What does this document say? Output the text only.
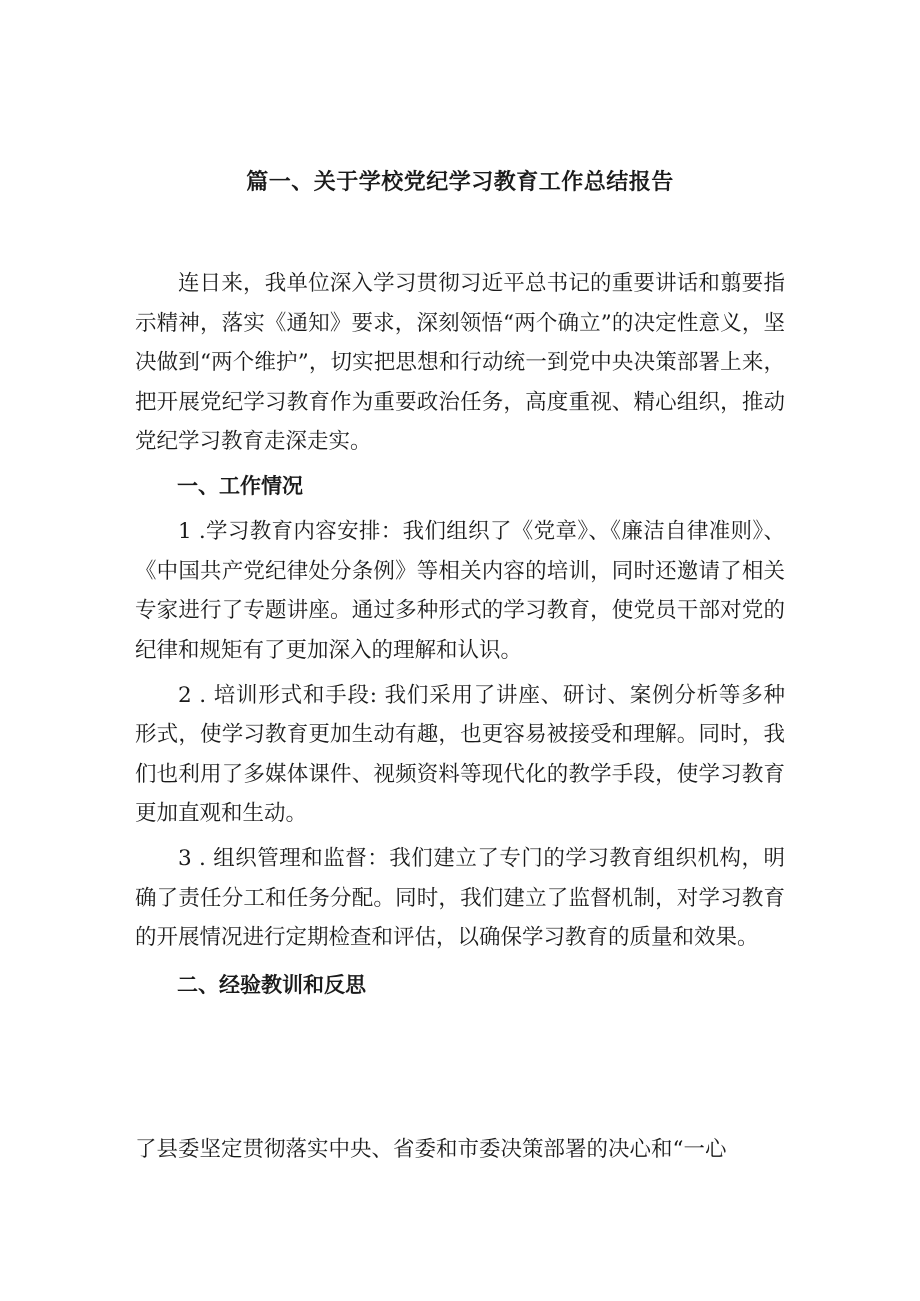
篇一、关于学校党纪学习教育工作总结报告

连日来，我单位深入学习贯彻习近平总书记的重要讲话和翦要指示精神，落实《通知》要求，深刻领悟“两个确立”的决定性意义，坚决做到“两个维护”，切实把思想和行动统一到党中央决策部署上来，把开展党纪学习教育作为重要政治任务，高度重视、精心组织，推动党纪学习教育走深走实。

一、工作情况

1 .学习教育内容安排：我们组织了《党章》、《廉洁自律准则》、《中国共产党纪律处分条例》等相关内容的培训，同时还邀请了相关专家进行了专题讲座。通过多种形式的学习教育，使党员干部对党的纪律和规矩有了更加深入的理解和认识。

2 . 培训形式和手段: 我们采用了讲座、研讨、案例分析等多种形式，使学习教育更加生动有趣，也更容易被接受和理解。同时，我们也利用了多媒体课件、视频资料等现代化的教学手段，使学习教育更加直观和生动。

3 . 组织管理和监督：我们建立了专门的学习教育组织机构，明确了责任分工和任务分配。同时，我们建立了监督机制，对学习教育的开展情况进行定期检查和评估，以确保学习教育的质量和效果。

二、经验教训和反思

了县委坚定贯彻落实中央、省委和市委决策部署的决心和“一心
